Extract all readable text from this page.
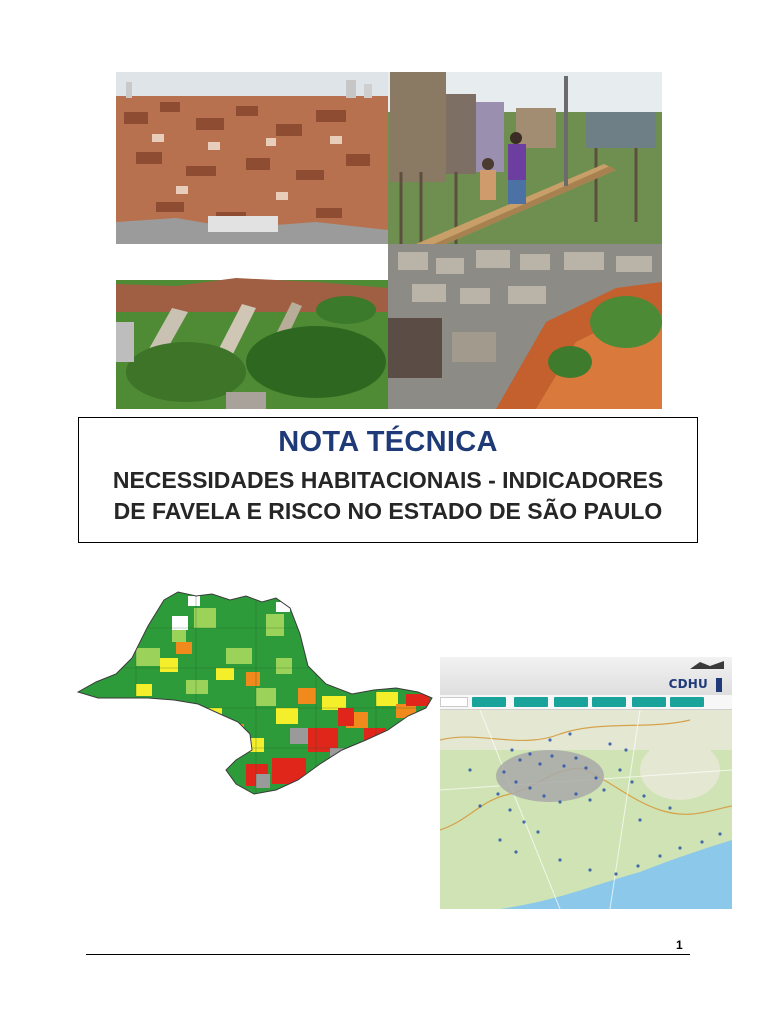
NOTA TÉCNICA
NECESSIDADES HABITACIONAIS - INDICADORES DE FAVELA E RISCO NO ESTADO DE SÃO PAULO
CDHU
1
